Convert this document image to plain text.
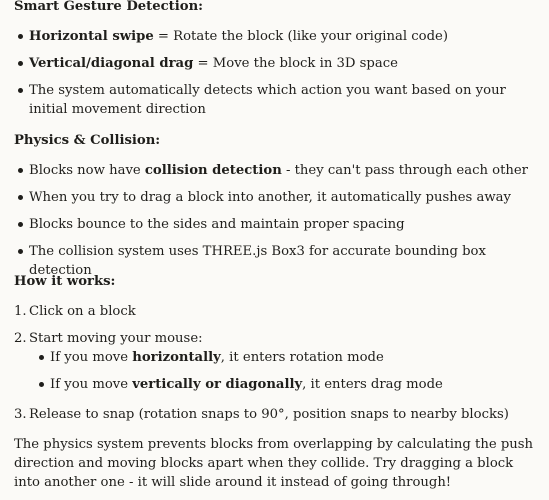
Smart Gesture Detection:

Horizontal swipe = Rotate the block (like your original code)
Vertical/diagonal drag = Move the block in 3D space
The system automatically detects which action you want based on your initial movement direction

Physics & Collision:

Blocks now have collision detection - they can't pass through each other
When you try to drag a block into another, it automatically pushes away
Blocks bounce to the sides and maintain proper spacing
The collision system uses THREE.js Box3 for accurate bounding box detection

How it works:

1. Click on a block
2. Start moving your mouse:
If you move horizontally, it enters rotation mode
If you move vertically or diagonally, it enters drag mode
3. Release to snap (rotation snaps to 90°, position snaps to nearby blocks)

The physics system prevents blocks from overlapping by calculating the push direction and moving blocks apart when they collide. Try dragging a block into another one - it will slide around it instead of going through!
